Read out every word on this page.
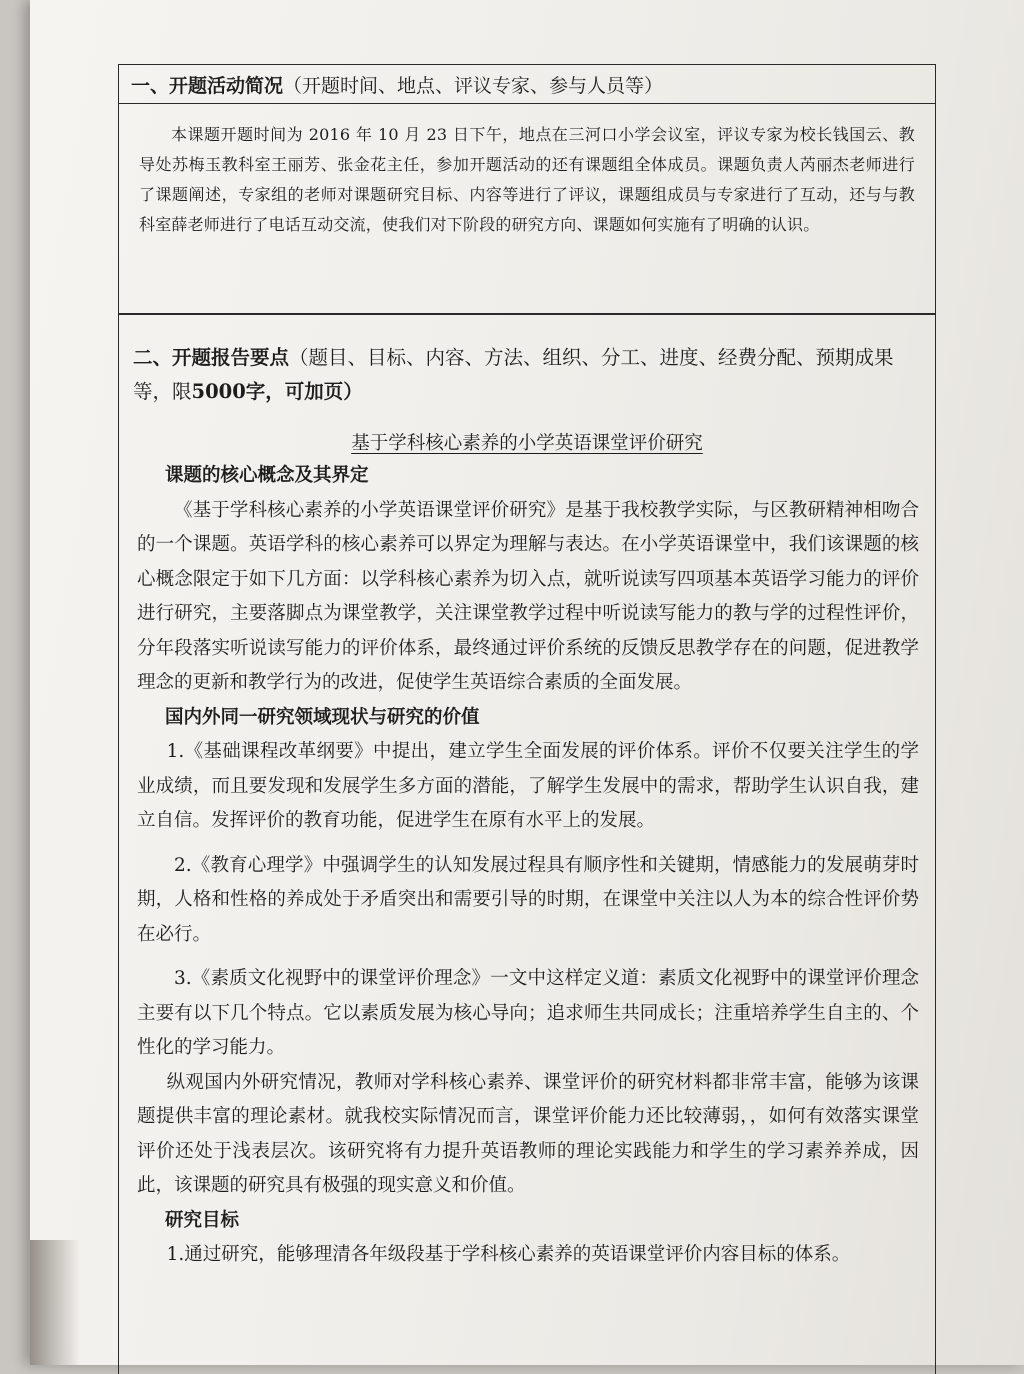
一、开题活动简况 （开题时间、地点、评议专家、参与人员等）

本课题开题时间为 2016 年 10 月 23 日下午，地点在三河口小学会议室，评议专家为校长钱国云、教导处苏梅玉教科室王丽芳、张金花主任，参加开题活动的还有课题组全体成员。课题负责人芮丽杰老师进行了课题阐述，专家组的老师对课题研究目标、内容等进行了评议，课题组成员与专家进行了互动，还与与教科室薛老师进行了电话互动交流，使我们对下阶段的研究方向、课题如何实施有了明确的认识。

二、开题报告要点（题目、目标、内容、方法、组织、分工、进度、经费分配、预期成果等，限5000字，可加页）
基于学科核心素养的小学英语课堂评价研究

课题的核心概念及其界定

《基于学科核心素养的小学英语课堂评价研究》是基于我校教学实际，与区教研精神相吻合的一个课题。英语学科的核心素养可以界定为理解与表达。在小学英语课堂中，我们该课题的核心概念限定于如下几方面：以学科核心素养为切入点，就听说读写四项基本英语学习能力的评价进行研究，主要落脚点为课堂教学，关注课堂教学过程中听说读写能力的教与学的过程性评价，分年段落实听说读写能力的评价体系，最终通过评价系统的反馈反思教学存在的问题，促进教学理念的更新和教学行为的改进，促使学生英语综合素质的全面发展。

国内外同一研究领域现状与研究的价值

1.《基础课程改革纲要》中提出，建立学生全面发展的评价体系。评价不仅要关注学生的学业成绩，而且要发现和发展学生多方面的潜能，了解学生发展中的需求，帮助学生认识自我，建立自信。发挥评价的教育功能，促进学生在原有水平上的发展。

2.《教育心理学》中强调学生的认知发展过程具有顺序性和关键期，情感能力的发展萌芽时期，人格和性格的养成处于矛盾突出和需要引导的时期，在课堂中关注以人为本的综合性评价势在必行。

3.《素质文化视野中的课堂评价理念》一文中这样定义道：素质文化视野中的课堂评价理念主要有以下几个特点。它以素质发展为核心导向；追求师生共同成长；注重培养学生自主的、个性化的学习能力。

纵观国内外研究情况，教师对学科核心素养、课堂评价的研究材料都非常丰富，能够为该课题提供丰富的理论素材。就我校实际情况而言，课堂评价能力还比较薄弱，，如何有效落实课堂评价还处于浅表层次。该研究将有力提升英语教师的理论实践能力和学生的学习素养养成，因此，该课题的研究具有极强的现实意义和价值。

研究目标

1.通过研究，能够理清各年级段基于学科核心素养的英语课堂评价内容目标的体系。
